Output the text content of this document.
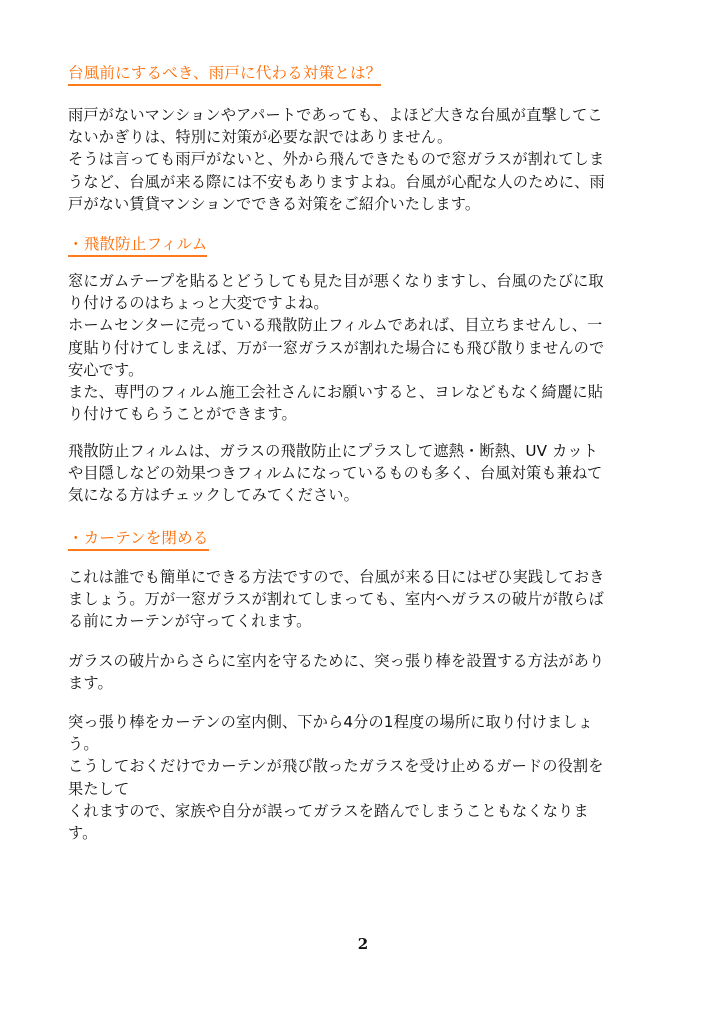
台風前にするべき、雨戸に代わる対策とは？
雨戸がないマンションやアパートであっても、よほど大きな台風が直撃してこ
ないかぎりは、特別に対策が必要な訳ではありません。
そうは言っても雨戸がないと、外から飛んできたもので窓ガラスが割れてしま
うなど、台風が来る際には不安もありますよね。台風が心配な人のために、雨
戸がない賃貸マンションでできる対策をご紹介いたします。
・飛散防止フィルム
窓にガムテープを貼るとどうしても見た目が悪くなりますし、台風のたびに取
り付けるのはちょっと大変ですよね。
ホームセンターに売っている飛散防止フィルムであれば、目立ちませんし、一
度貼り付けてしまえば、万が一窓ガラスが割れた場合にも飛び散りませんので
安心です。
また、専門のフィルム施工会社さんにお願いすると、ヨレなどもなく綺麗に貼
り付けてもらうことができます。
飛散防止フィルムは、ガラスの飛散防止にプラスして遮熱・断熱、UV カット
や目隠しなどの効果つきフィルムになっているものも多く、台風対策も兼ねて
気になる方はチェックしてみてください。
・カーテンを閉める
これは誰でも簡単にできる方法ですので、台風が来る日にはぜひ実践しておき
ましょう。万が一窓ガラスが割れてしまっても、室内へガラスの破片が散らば
る前にカーテンが守ってくれます。
ガラスの破片からさらに室内を守るために、突っ張り棒を設置する方法があり
ます。
突っ張り棒をカーテンの室内側、下から4分の1程度の場所に取り付けましょ
う。
こうしておくだけでカーテンが飛び散ったガラスを受け止めるガードの役割を
果たして
くれますので、家族や自分が誤ってガラスを踏んでしまうこともなくなりま
す。
2
